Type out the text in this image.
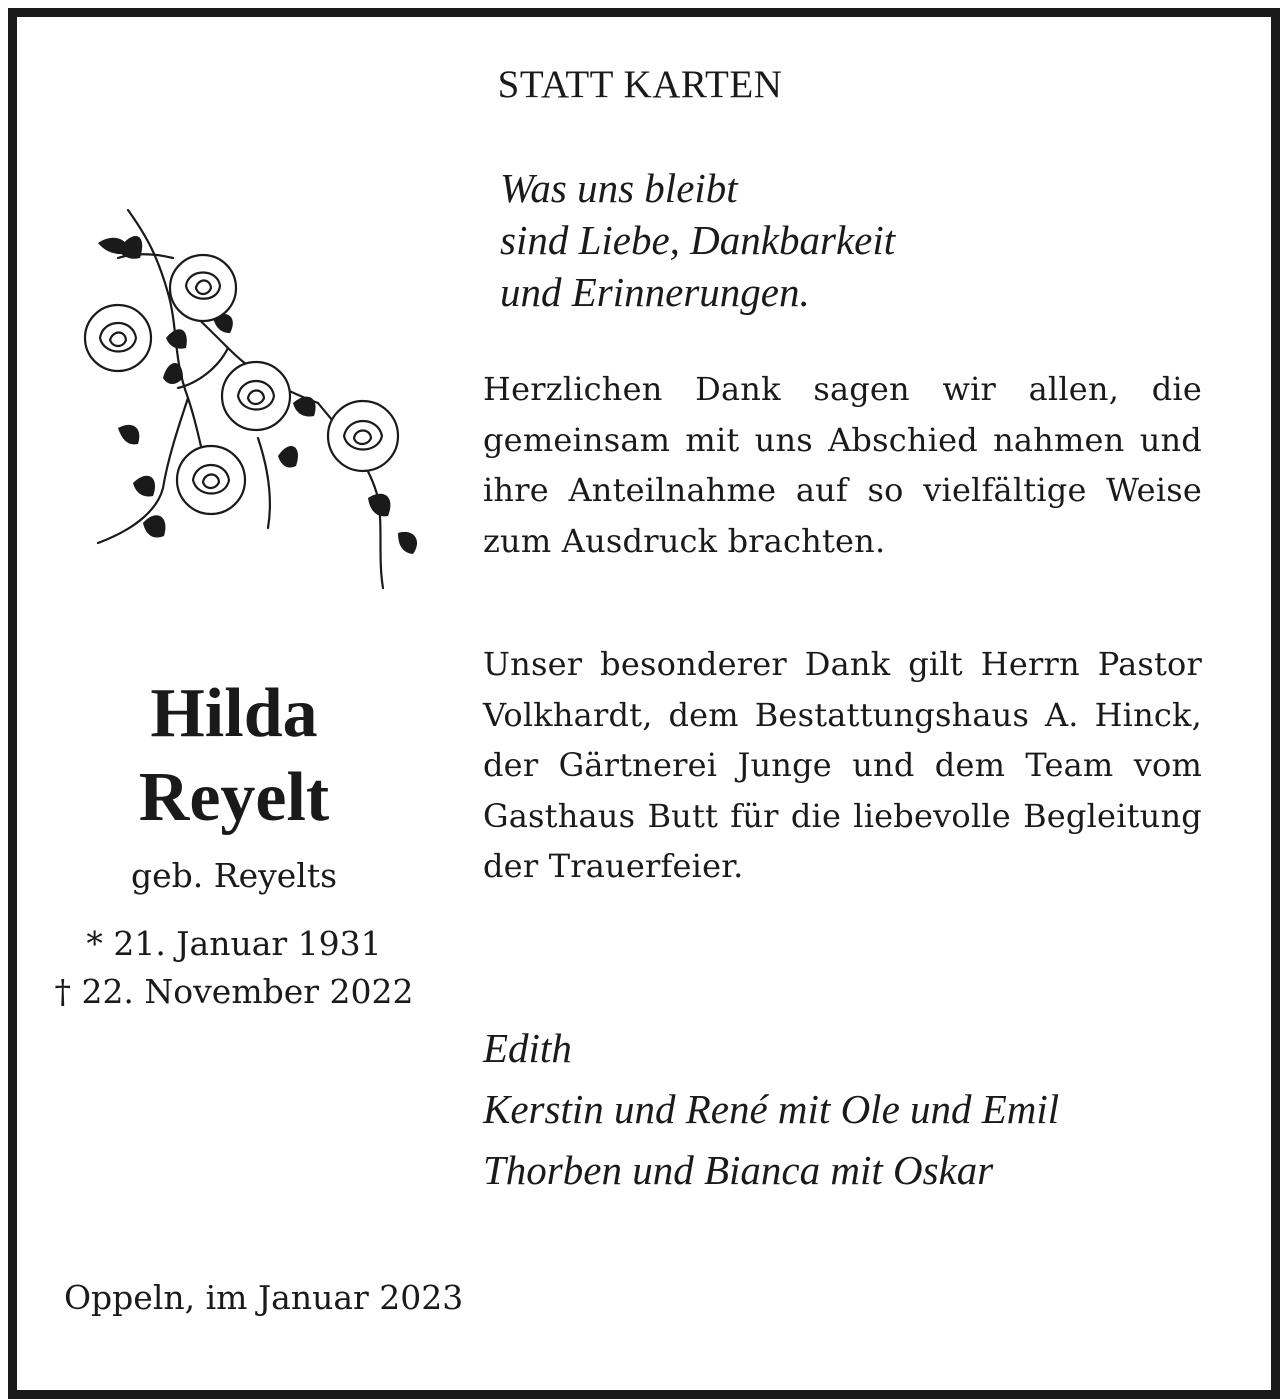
STATT KARTEN
Was uns bleibt
sind Liebe, Dankbarkeit
und Erinnerungen.
Herzlichen Dank sagen wir allen, die gemeinsam mit uns Abschied nahmen und ihre Anteilnahme auf so vielfältige Weise zum Ausdruck brachten.
Unser besonderer Dank gilt Herrn Pastor Volkhardt, dem Bestattungshaus A. Hinck, der Gärtnerei Junge und dem Team vom Gasthaus Butt für die liebevolle Begleitung der Trauerfeier.
Hilda
Reyelt
geb. Reyelts
* 21. Januar 1931
† 22. November 2022
Edith
Kerstin und René mit Ole und Emil
Thorben und Bianca mit Oskar
Oppeln, im Januar 2023
